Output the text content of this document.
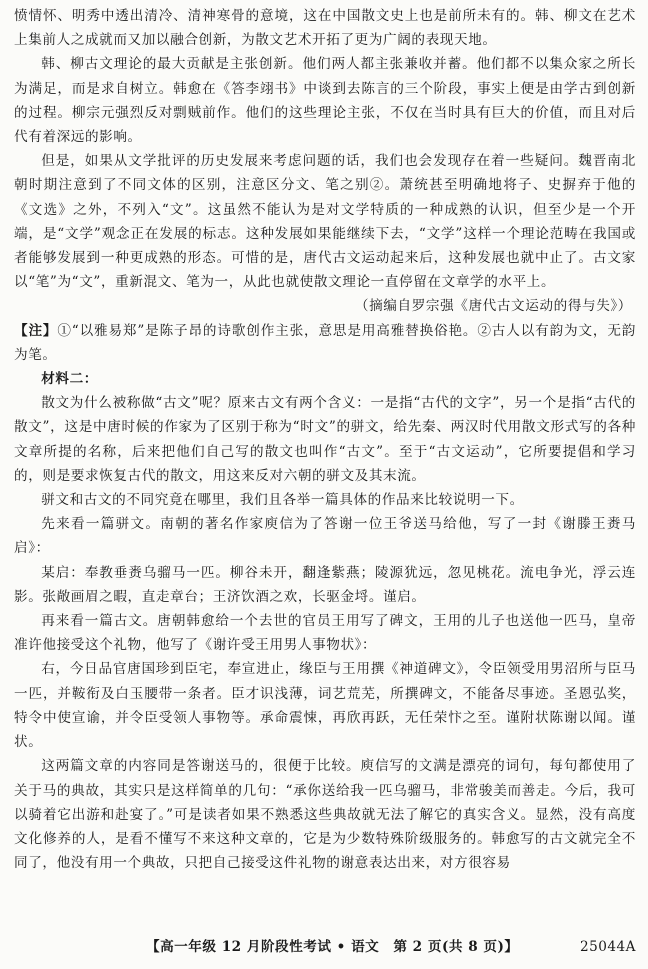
愤情怀、明秀中透出清冷、清神寒骨的意境，这在中国散文史上也是前所未有的。韩、柳文在艺术上集前人之成就而又加以融合创新，为散文艺术开拓了更为广阔的表现天地。

韩、柳古文理论的最大贡献是主张创新。他们两人都主张兼收并蓄。他们都不以集众家之所长为满足，而是求自树立。韩愈在《答李翊书》中谈到去陈言的三个阶段，事实上便是由学古到创新的过程。柳宗元强烈反对剽贼前作。他们的这些理论主张，不仅在当时具有巨大的价值，而且对后代有着深远的影响。

但是，如果从文学批评的历史发展来考虑问题的话，我们也会发现存在着一些疑问。魏晋南北朝时期注意到了不同文体的区别，注意区分文、笔之别②。萧统甚至明确地将子、史摒弃于他的《文选》之外，不列入“文”。这虽然不能认为是对文学特质的一种成熟的认识，但至少是一个开端，是“文学”观念正在发展的标志。这种发展如果能继续下去，“文学”这样一个理论范畴在我国或者能够发展到一种更成熟的形态。可惜的是，唐代古文运动起来后，这种发展也就中止了。古文家以“笔”为“文”，重新混文、笔为一，从此也就使散文理论一直停留在文章学的水平上。

（摘编自罗宗强《唐代古文运动的得与失》）

【注】①“以雅易郑”是陈子昂的诗歌创作主张，意思是用高雅替换俗艳。②古人以有韵为文，无韵为笔。

材料二：

散文为什么被称做“古文”呢？原来古文有两个含义：一是指“古代的文字”，另一个是指“古代的散文”，这是中唐时候的作家为了区别于称为“时文”的骈文，给先秦、两汉时代用散文形式写的各种文章所提的名称，后来把他们自己写的散文也叫作“古文”。至于“古文运动”，它所要提倡和学习的，则是要求恢复古代的散文，用这来反对六朝的骈文及其末流。

骈文和古文的不同究竟在哪里，我们且各举一篇具体的作品来比较说明一下。

先来看一篇骈文。南朝的著名作家庾信为了答谢一位王爷送马给他，写了一封《谢滕王赉马启》：

某启：奉教垂赉乌骝马一匹。柳谷未开，翻逢紫燕；陵源犹远，忽见桃花。流电争光，浮云连影。张敞画眉之暇，直走章台；王济饮酒之欢，长驱金埒。谨启。

再来看一篇古文。唐朝韩愈给一个去世的官员王用写了碑文，王用的儿子也送他一匹马，皇帝准许他接受这个礼物，他写了《谢许受王用男人事物状》：

右，今日品官唐国珍到臣宅，奉宣进止，缘臣与王用撰《神道碑文》，令臣领受用男沼所与臣马一匹，并鞍衔及白玉腰带一条者。臣才识浅薄，词艺荒芜，所撰碑文，不能备尽事迹。圣恩弘奖，特令中使宣谕，并令臣受领人事物等。承命震悚，再欣再跃，无任荣忭之至。谨附状陈谢以闻。谨状。

这两篇文章的内容同是答谢送马的，很便于比较。庾信写的文满是漂亮的词句，每句都使用了关于马的典故，其实只是这样简单的几句：“承你送给我一匹乌骝马，非常骏美而善走。今后，我可以骑着它出游和赴宴了。”可是读者如果不熟悉这些典故就无法了解它的真实含义。显然，没有高度文化修养的人，是看不懂写不来这种文章的，它是为少数特殊阶级服务的。韩愈写的古文就完全不同了，他没有用一个典故，只把自己接受这件礼物的谢意表达出来，对方很容易

【高一年级 12 月阶段性考试 • 语文　第 2 页(共 8 页)】	25044A
